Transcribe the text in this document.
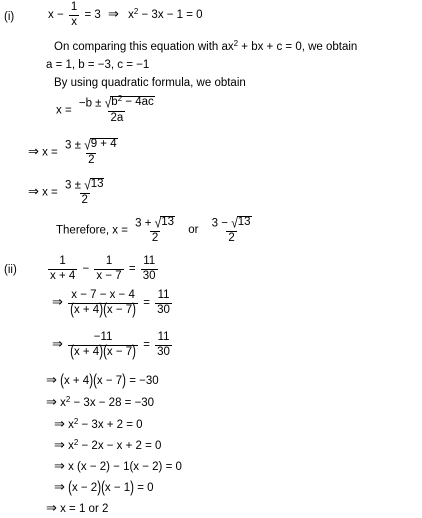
(i)	$x - \frac{1}{x} = 3$ ⇒ $x^2 - 3x - 1 = 0$
On comparing this equation with $ax^2$ + bx + c = 0, we obtain
a = 1, b = −3, c = −1
By using quadratic formula, we obtain
$x = \frac{-b \pm √ b^2 - 4ac}{2a}$
⇒ $x = \frac{3 \pm √ 9 + 4}{2}$
⇒ $x = \frac{3 \pm √ 13}{2}$
Therefore, $x = \frac{3 + √ 13}{2}$ or $\frac{3 - √ 13}{2}$
(ii)	$\frac{1}{x + 4} - \frac{1}{x - 7} = \frac{11}{30}$
⇒ $\frac{x - 7 - x - 4}{(x + 4)(x - 7)} = \frac{11}{30}$
⇒ $\frac{-11}{(x + 4)(x - 7)} = \frac{11}{30}$
⇒ (x + 4)(x − 7) = −30
⇒ $x^2 - 3x - 28 = -30$
⇒ $x^2 - 3x + 2 = 0$
⇒ $x^2 - 2x - x + 2 = 0$
⇒ x (x − 2) − 1(x − 2) = 0
⇒ (x − 2)(x − 1) = 0
⇒ x = 1 or 2
